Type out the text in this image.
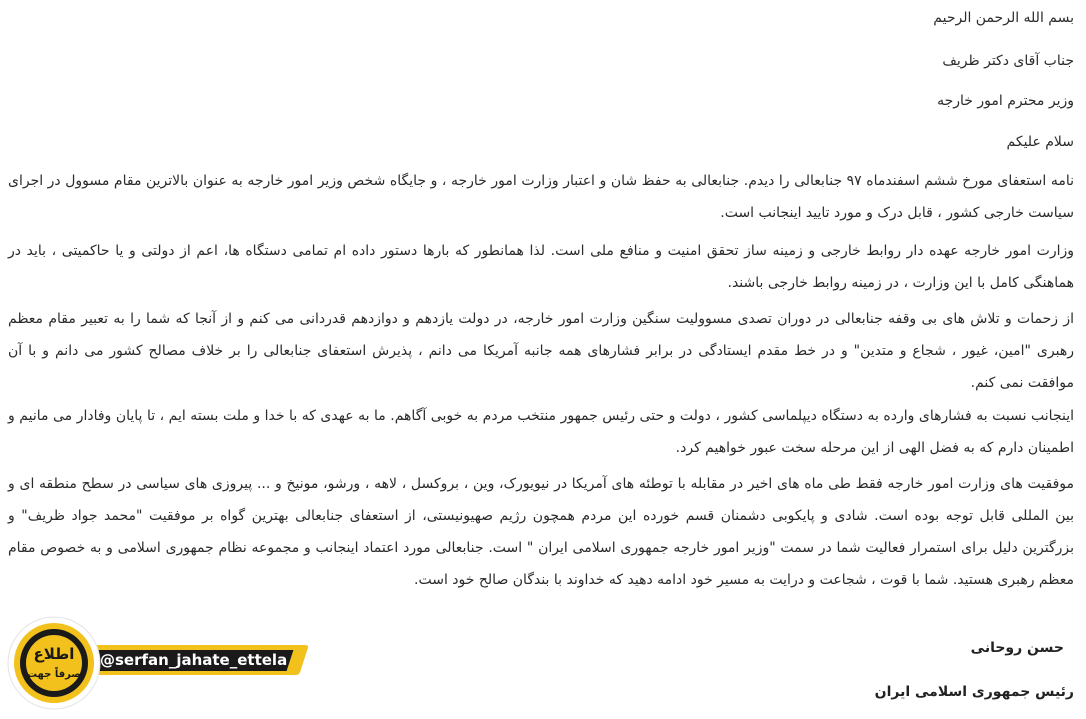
بسم الله الرحمن الرحیم
جناب آقای دکتر ظریف
وزیر محترم امور خارجه
سلام علیکم
نامه استعفای مورخ ششم اسفندماه ۹۷ جنابعالی را دیدم. جنابعالی به حفظ شان و اعتبار وزارت امور خارجه ، و جایگاه شخص وزیر امور خارجه به عنوان بالاترین مقام مسوول در اجرای سیاست خارجی کشور ، قابل درک و مورد تایید اینجانب است.
وزارت امور خارجه عهده دار روابط خارجی و زمینه ساز تحقق امنیت و منافع ملی است. لذا همانطور که بارها دستور داده ام تمامی دستگاه ها، اعم از دولتی و یا حاکمیتی ، باید در هماهنگی کامل با این وزارت ، در زمینه روابط خارجی باشند.
از زحمات و تلاش های بی وقفه جنابعالی در دوران تصدی مسوولیت سنگین وزارت امور خارجه، در دولت یازدهم و دوازدهم قدردانی می کنم و از آنجا که شما را به تعبیر مقام معظم رهبری "امین، غیور ، شجاع و متدین" و در خط مقدم ایستادگی در برابر فشارهای همه جانبه آمریکا می دانم ، پذیرش استعفای جنابعالی را بر خلاف مصالح کشور می دانم و با آن موافقت نمی کنم.
اینجانب نسبت به فشارهای وارده به دستگاه دیپلماسی کشور ، دولت و حتی رئیس جمهور منتخب مردم به خوبی آگاهم. ما به عهدی که با خدا و ملت بسته ایم ، تا پایان وفادار می مانیم و اطمینان دارم که به فضل الهی از این مرحله سخت عبور خواهیم کرد.
موفقیت های وزارت امور خارجه فقط طی ماه های اخیر در مقابله با توطئه های آمریکا در نیویورک، وین ، بروکسل ، لاهه ، ورشو، مونیخ و ... پیروزی های سیاسی در سطح منطقه ای و بین المللی قابل توجه بوده است. شادی و پایکوبی دشمنان قسم خورده این مردم همچون رژیم صهیونیستی، از استعفای جنابعالی بهترین گواه بر موفقیت "محمد جواد ظریف" و بزرگترین دلیل برای استمرار فعالیت شما در سمت "وزیر امور خارجه جمهوری اسلامی ایران " است. جنابعالی مورد اعتماد اینجانب و مجموعه نظام جمهوری اسلامی و به خصوص مقام معظم رهبری هستید. شما با قوت ، شجاعت و درایت به مسیر خود ادامه دهید که خداوند با بندگان صالح خود است.
حسن روحانی
رئیس جمهوری اسلامی ایران
@serfan_jahate_ettela
اطلاع
صرفاً جهت
